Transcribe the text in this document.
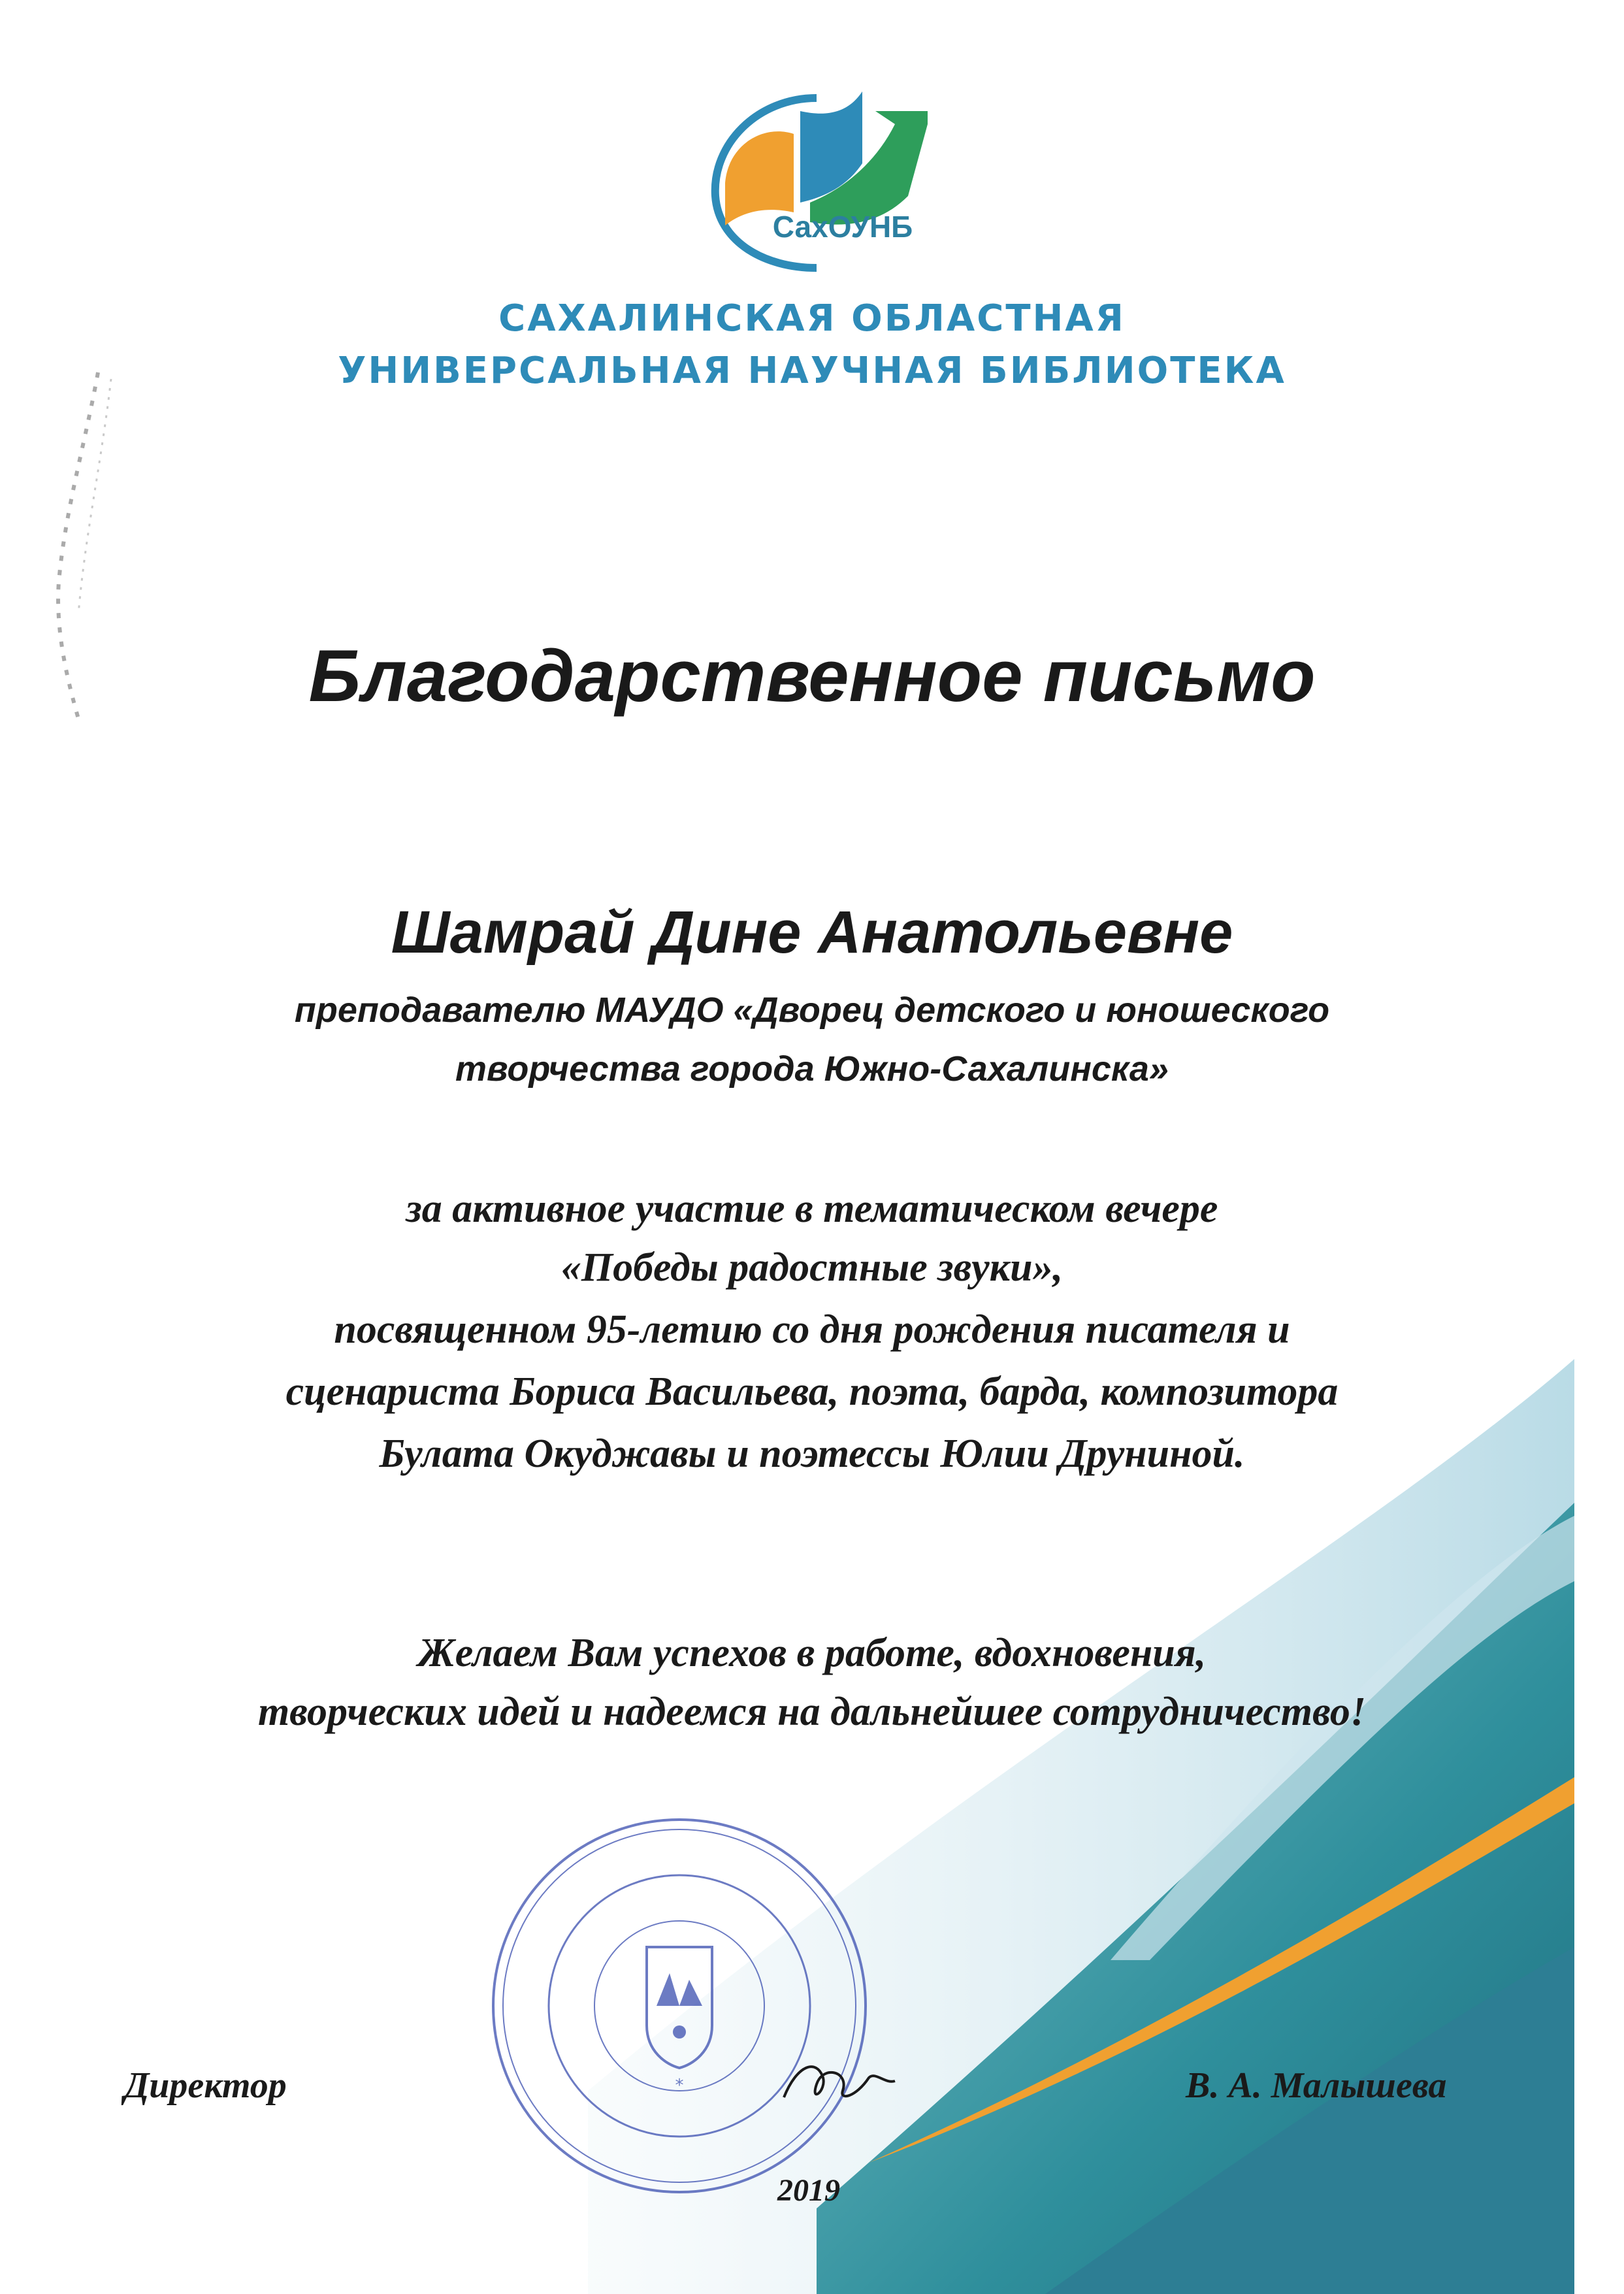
СахОУНБ
САХАЛИНСКАЯ ОБЛАСТНАЯ
УНИВЕРСАЛЬНАЯ НАУЧНАЯ БИБЛИОТЕКА
Благодарственное письмо
Шамрай Дине Анатольевне
преподавателю МАУДО «Дворец детского и юношеского
творчества города Южно-Сахалинска»
за активное участие в тематическом вечере
«Победы радостные звуки»,
посвященном 95-летию со дня рождения писателя и
сценариста Бориса Васильева, поэта, барда, композитора
Булата Окуджавы и поэтессы Юлии Друниной.
Желаем Вам успехов в работе, вдохновения,
творческих идей и надеемся на дальнейшее сотрудничество!
*
Директор	В. А. Малышева
2019
